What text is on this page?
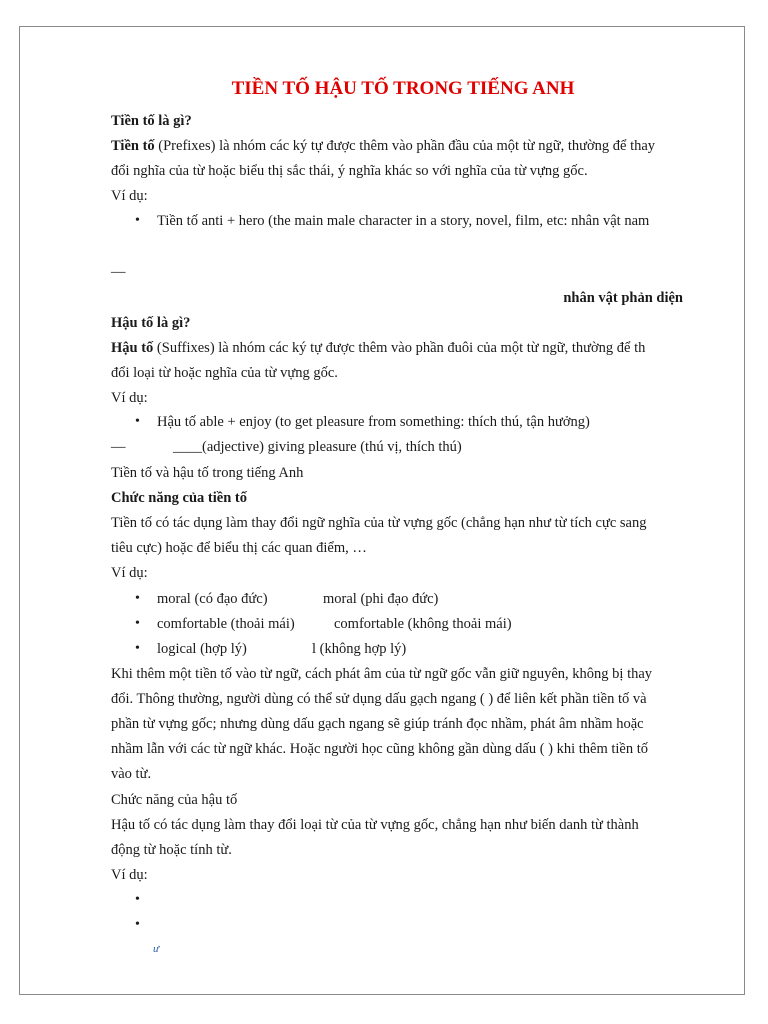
TIỀN TỐ HẬU TỐ TRONG TIẾNG ANH
Tiền tố là gì?
Tiền tố (Prefixes) là nhóm các ký tự được thêm vào phần đầu của một từ ngữ, thường để thay
đổi nghĩa của từ hoặc biểu thị sắc thái, ý nghĩa khác so với nghĩa của từ vựng gốc.
Ví dụ:
• Tiền tố anti + hero (the main male character in a story, novel, film, etc: nhân vật nam
—
nhân vật phản diện
Hậu tố là gì?
Hậu tố (Suffixes) là nhóm các ký tự được thêm vào phần đuôi của một từ ngữ, thường để th
đổi loại từ hoặc nghĩa của từ vựng gốc.
Ví dụ:
• Hậu tố able + enjoy (to get pleasure from something: thích thú, tận hưởng)
—	____(adjective) giving pleasure (thú vị, thích thú)
Tiền tố và hậu tố trong tiếng Anh
Chức năng của tiền tố
Tiền tố có tác dụng làm thay đổi ngữ nghĩa của từ vựng gốc (chẳng hạn như từ tích cực sang
tiêu cực) hoặc để biểu thị các quan điểm, …
Ví dụ:
• moral (có đạo đức)	moral (phi đạo đức)
• comfortable (thoải mái)	comfortable (không thoải mái)
• logical (hợp lý)	l (không hợp lý)
Khi thêm một tiền tố vào từ ngữ, cách phát âm của từ ngữ gốc vẫn giữ nguyên, không bị thay
đổi. Thông thường, người dùng có thể sử dụng dấu gạch ngang ( ) để liên kết phần tiền tố và
phần từ vựng gốc; nhưng dùng dấu gạch ngang sẽ giúp tránh đọc nhầm, phát âm nhầm hoặc
nhầm lẫn với các từ ngữ khác. Hoặc người học cũng không gần dùng dấu ( ) khi thêm tiền tố
vào từ.
Chức năng của hậu tố
Hậu tố có tác dụng làm thay đổi loại từ của từ vựng gốc, chẳng hạn như biến danh từ thành
động từ hoặc tính từ.
Ví dụ:
ư
